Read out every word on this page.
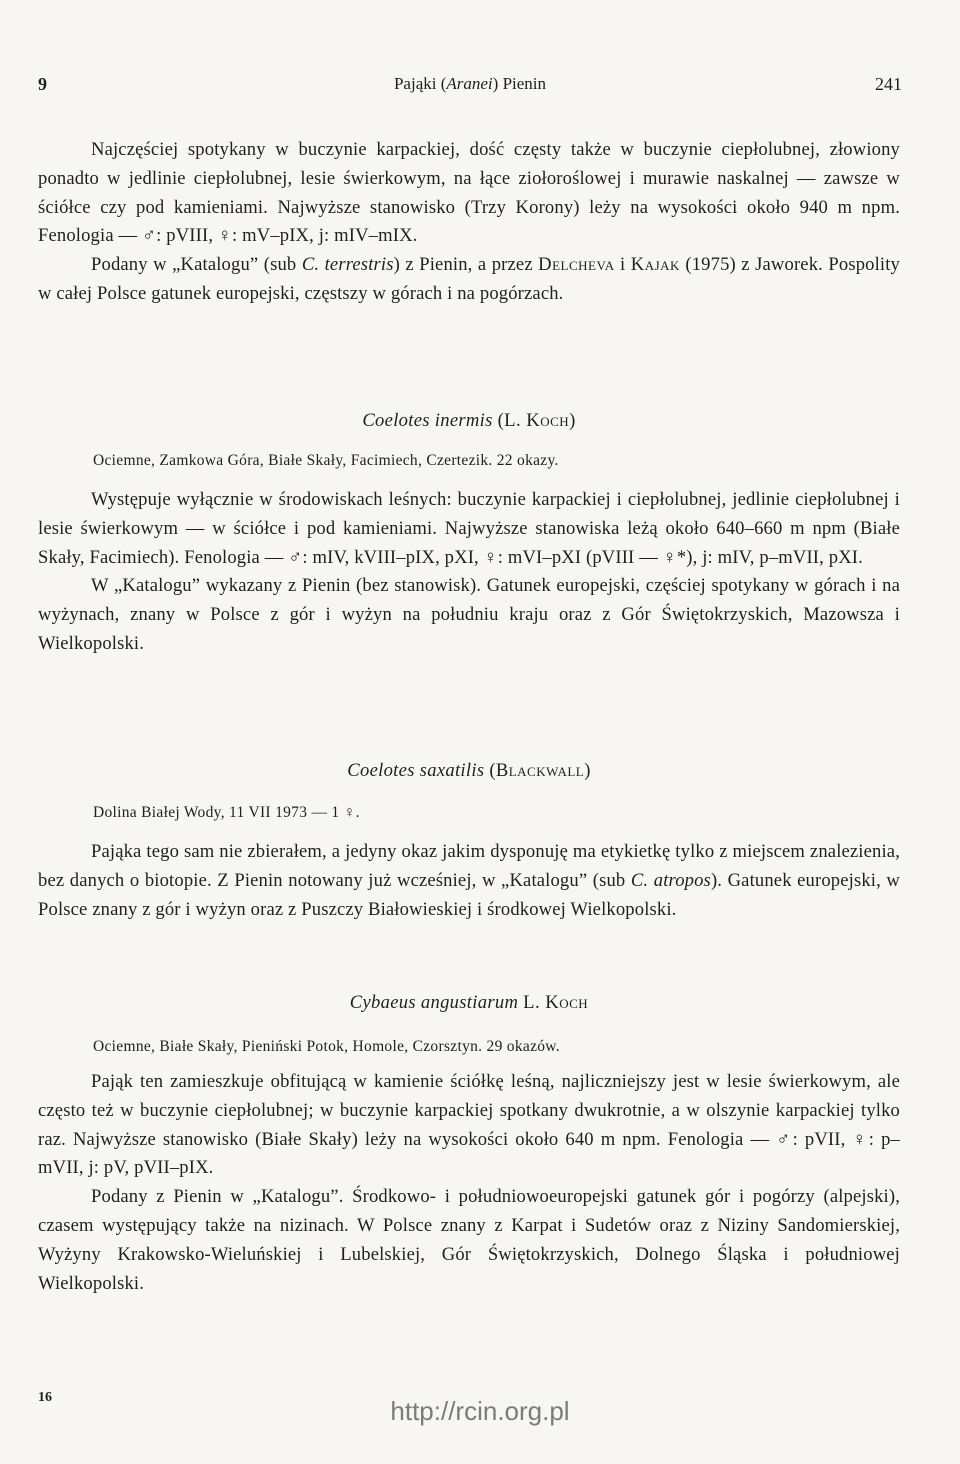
9	Pająki (Aranei) Pienin	241

Najczęściej spotykany w buczynie karpackiej, dość częsty także w buczynie ciepłolubnej, złowiony ponadto w jedlinie ciepłolubnej, lesie świerkowym, na łące ziołoroślowej i murawie naskalnej — zawsze w ściółce czy pod kamieniami. Najwyższe stanowisko (Trzy Korony) leży na wysokości około 940 m npm. Fenologia — ♂: pVIII, ♀: mV–pIX, j: mIV–mIX.

Podany w „Katalogu” (sub C. terrestris) z Pienin, a przez Delcheva i Kajak (1975) z Jaworek. Pospolity w całej Polsce gatunek europejski, częstszy w górach i na pogórzach.

Coelotes inermis (L. Koch)

Ociemne, Zamkowa Góra, Białe Skały, Facimiech, Czertezik. 22 okazy.

Występuje wyłącznie w środowiskach leśnych: buczynie karpackiej i ciepłolubnej, jedlinie ciepłolubnej i lesie świerkowym — w ściółce i pod kamieniami. Najwyższe stanowiska leżą około 640–660 m npm (Białe Skały, Facimiech). Fenologia — ♂: mIV, kVIII–pIX, pXI, ♀: mVI–pXI (pVIII — ♀*), j: mIV, p–mVII, pXI.

W „Katalogu” wykazany z Pienin (bez stanowisk). Gatunek europejski, częściej spotykany w górach i na wyżynach, znany w Polsce z gór i wyżyn na południu kraju oraz z Gór Świętokrzyskich, Mazowsza i Wielkopolski.

Coelotes saxatilis (Blackwall)

Dolina Białej Wody, 11 VII 1973 — 1 ♀.

Pająka tego sam nie zbierałem, a jedyny okaz jakim dysponuję ma etykietkę tylko z miejscem znalezienia, bez danych o biotopie. Z Pienin notowany już wcześniej, w „Katalogu” (sub C. atropos). Gatunek europejski, w Polsce znany z gór i wyżyn oraz z Puszczy Białowieskiej i środkowej Wielkopolski.

Cybaeus angustiarum L. Koch

Ociemne, Białe Skały, Pieniński Potok, Homole, Czorsztyn. 29 okazów.

Pająk ten zamieszkuje obfitującą w kamienie ściółkę leśną, najliczniejszy jest w lesie świerkowym, ale często też w buczynie ciepłolubnej; w buczynie karpackiej spotkany dwukrotnie, a w olszynie karpackiej tylko raz. Najwyższe stanowisko (Białe Skały) leży na wysokości około 640 m npm. Fenologia — ♂: pVII, ♀: p–mVII, j: pV, pVII–pIX.

Podany z Pienin w „Katalogu”. Środkowo- i południowoeuropejski gatunek gór i pogórzy (alpejski), czasem występujący także na nizinach. W Polsce znany z Karpat i Sudetów oraz z Niziny Sandomierskiej, Wyżyny Krakowsko-Wieluńskiej i Lubelskiej, Gór Świętokrzyskich, Dolnego Śląska i południowej Wielkopolski.

16	http://rcin.org.pl
